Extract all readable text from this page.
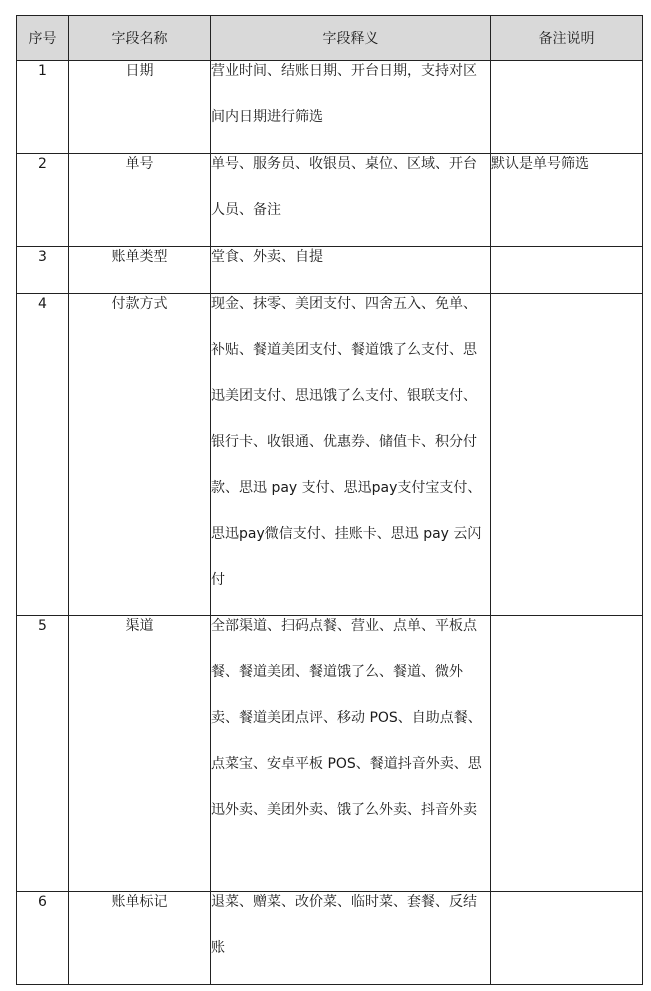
序号	字段名称	字段释义	备注说明
1	日期	营业时间、结账日期、开台日期，支持对区间内日期进行筛选	

2	单号	单号、服务员、收银员、桌位、区域、开台人员、备注	默认是单号筛选
3	账单类型	堂食、外卖、自提	

4	付款方式	现金、抹零、美团支付、四舍五入、免单、补贴、餐道美团支付、餐道饿了么支付、思迅美团支付、思迅饿了么支付、银联支付、银行卡、收银通、优惠券、储值卡、积分付款、思迅 pay 支付、思迅pay支付宝支付、思迅pay微信支付、挂账卡、思迅 pay 云闪付	

5	渠道	全部渠道、扫码点餐、营业、点单、平板点餐、餐道美团、餐道饿了么、餐道、微外卖、餐道美团点评、移动 POS、自助点餐、点菜宝、安卓平板 POS、餐道抖音外卖、思迅外卖、美团外卖、饿了么外卖、抖音外卖	

6	账单标记	退菜、赠菜、改价菜、临时菜、套餐、反结账	
